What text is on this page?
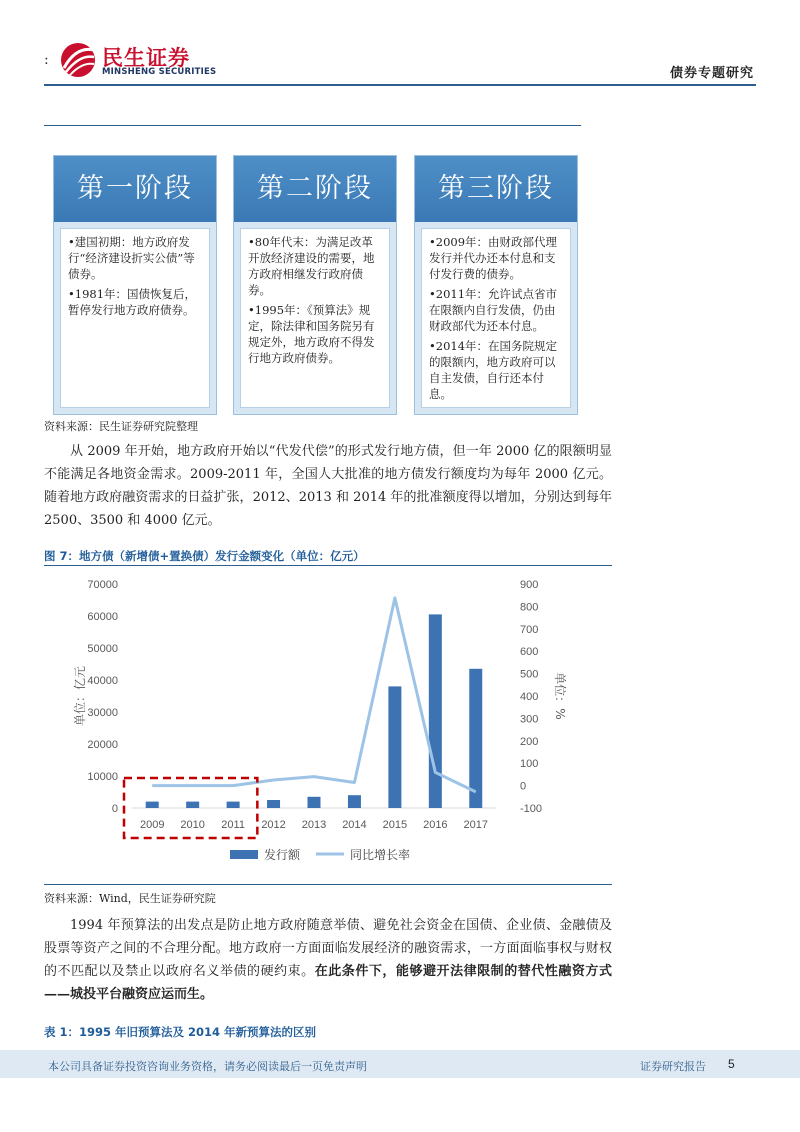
:	民生证券
MINSHENG SECURITIES	债券专题研究
第一阶段

•建国初期：地方政府发行“经济建设折实公债”等债券。

•1981年：国债恢复后，暂停发行地方政府债券。

第二阶段

•80年代末：为满足改革开放经济建设的需要，地方政府相继发行政府债券。

•1995年：《预算法》规定，除法律和国务院另有规定外，地方政府不得发行地方政府债券。

第三阶段

•2009年：由财政部代理发行并代办还本付息和支付发行费的债券。

•2011年：允许试点省市在限额内自行发债，仍由财政部代为还本付息。

•2014年：在国务院规定的限额内，地方政府可以自主发债，自行还本付息。

资料来源：民生证券研究院整理
从 2009 年开始，地方政府开始以“代发代偿”的形式发行地方债，但一年 2000 亿的限额明显不能满足各地资金需求。2009-2011 年，全国人大批准的地方债发行额度均为每年 2000 亿元。随着地方政府融资需求的日益扩张，2012、2013 和 2014 年的批准额度得以增加，分别达到每年 2500、3500 和 4000 亿元。
图 7：地方债（新增债+置换债）发行金额变化（单位：亿元）
0
10000
20000
30000
40000
50000
60000
70000
-100
0
100
200
300
400
500
600
700
800
900
2009 2010 2011 2012 2013 2014 2015 2016 2017
单位：亿元	单位：%
发行额	同比增长率
资料来源：Wind，民生证券研究院
1994 年预算法的出发点是防止地方政府随意举债、避免社会资金在国债、企业债、金融债及股票等资产之间的不合理分配。地方政府一方面面临发展经济的融资需求，一方面面临事权与财权的不匹配以及禁止以政府名义举债的硬约束。在此条件下，能够避开法律限制的替代性融资方式——城投平台融资应运而生。
表 1：1995 年旧预算法及 2014 年新预算法的区别
本公司具备证券投资咨询业务资格，请务必阅读最后一页免责声明	证券研究报告 5
